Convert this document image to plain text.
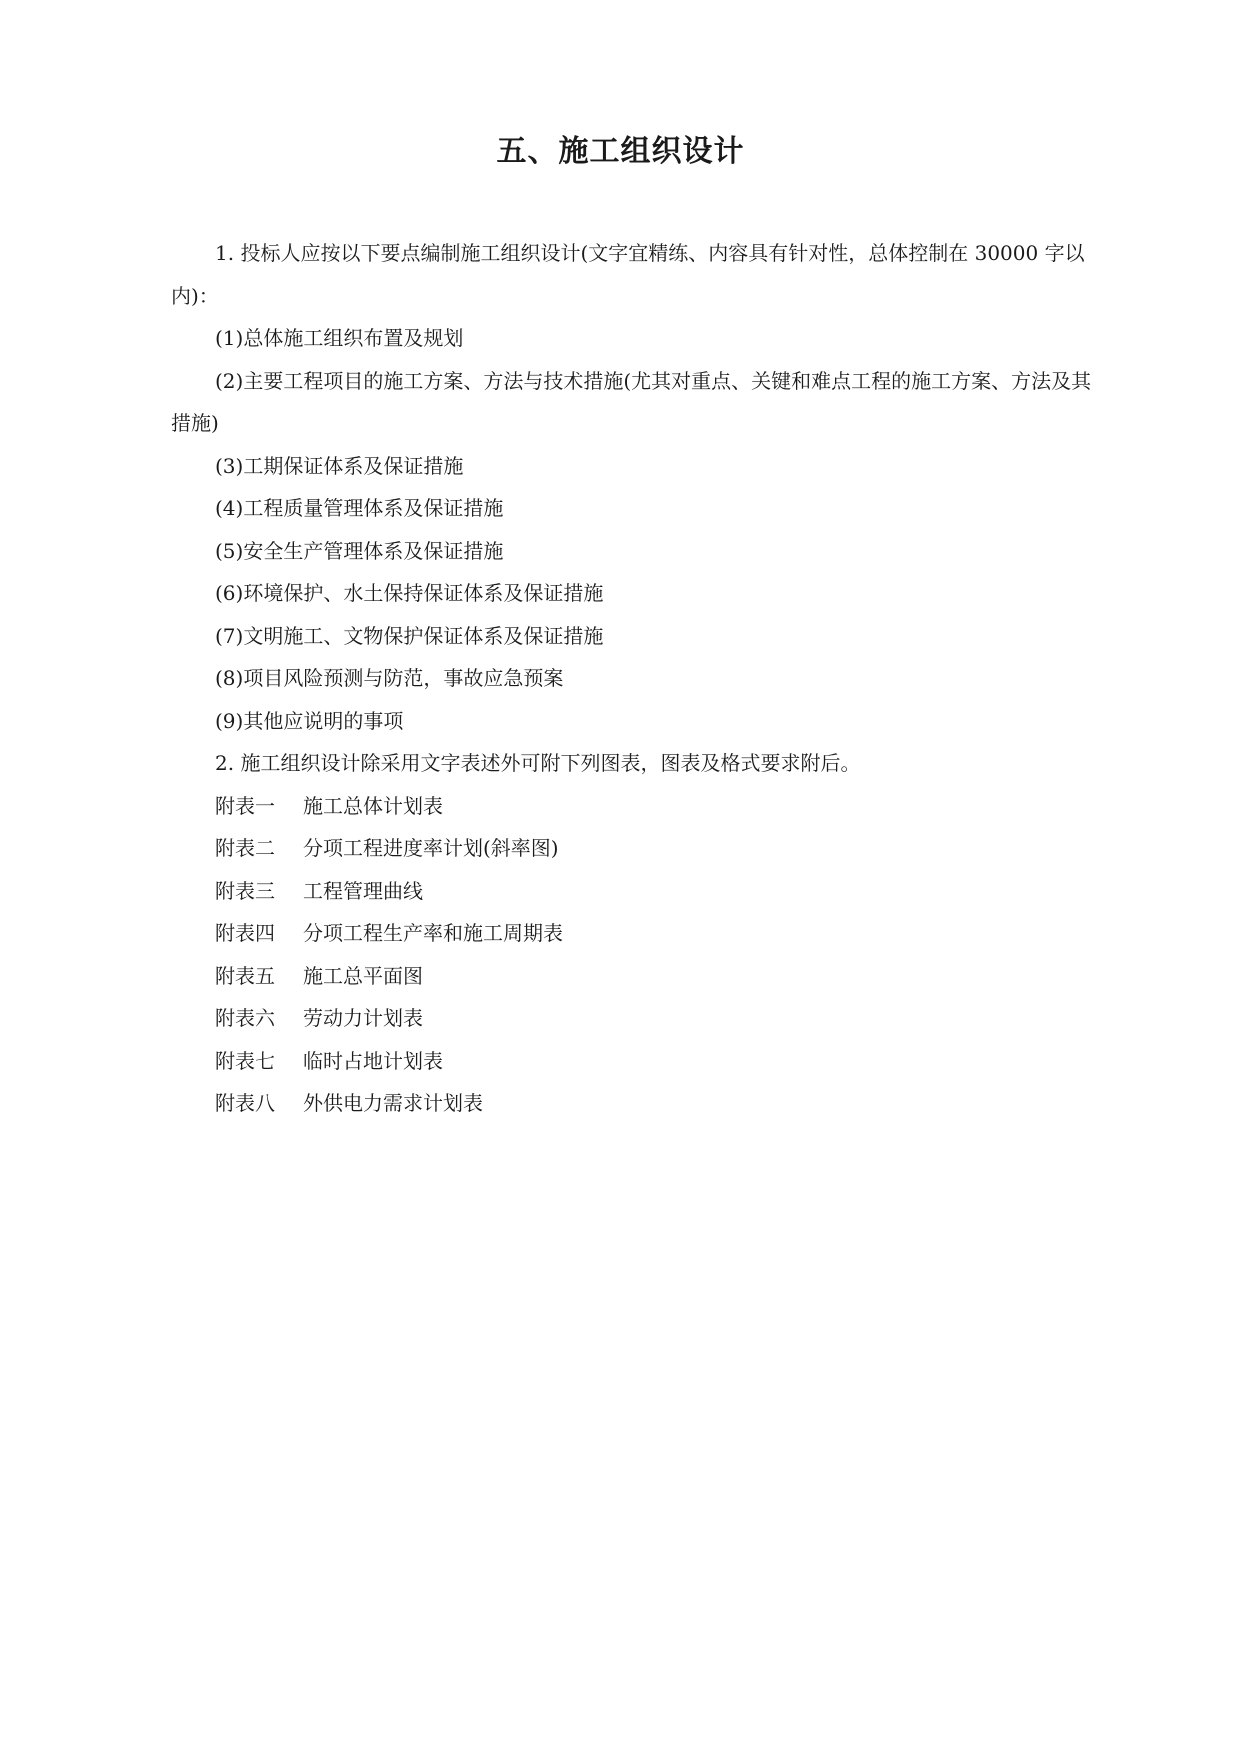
五、施工组织设计

1. 投标人应按以下要点编制施工组织设计(文字宜精练、内容具有针对性，总体控制在 30000 字以内)：

(1)总体施工组织布置及规划

(2)主要工程项目的施工方案、方法与技术措施(尤其对重点、关键和难点工程的施工方案、方法及其措施)

(3)工期保证体系及保证措施

(4)工程质量管理体系及保证措施

(5)安全生产管理体系及保证措施

(6)环境保护、水土保持保证体系及保证措施

(7)文明施工、文物保护保证体系及保证措施

(8)项目风险预测与防范，事故应急预案

(9)其他应说明的事项

2. 施工组织设计除采用文字表述外可附下列图表，图表及格式要求附后。

附表一 施工总体计划表

附表二 分项工程进度率计划(斜率图)

附表三 工程管理曲线

附表四 分项工程生产率和施工周期表

附表五 施工总平面图

附表六 劳动力计划表

附表七 临时占地计划表

附表八 外供电力需求计划表
